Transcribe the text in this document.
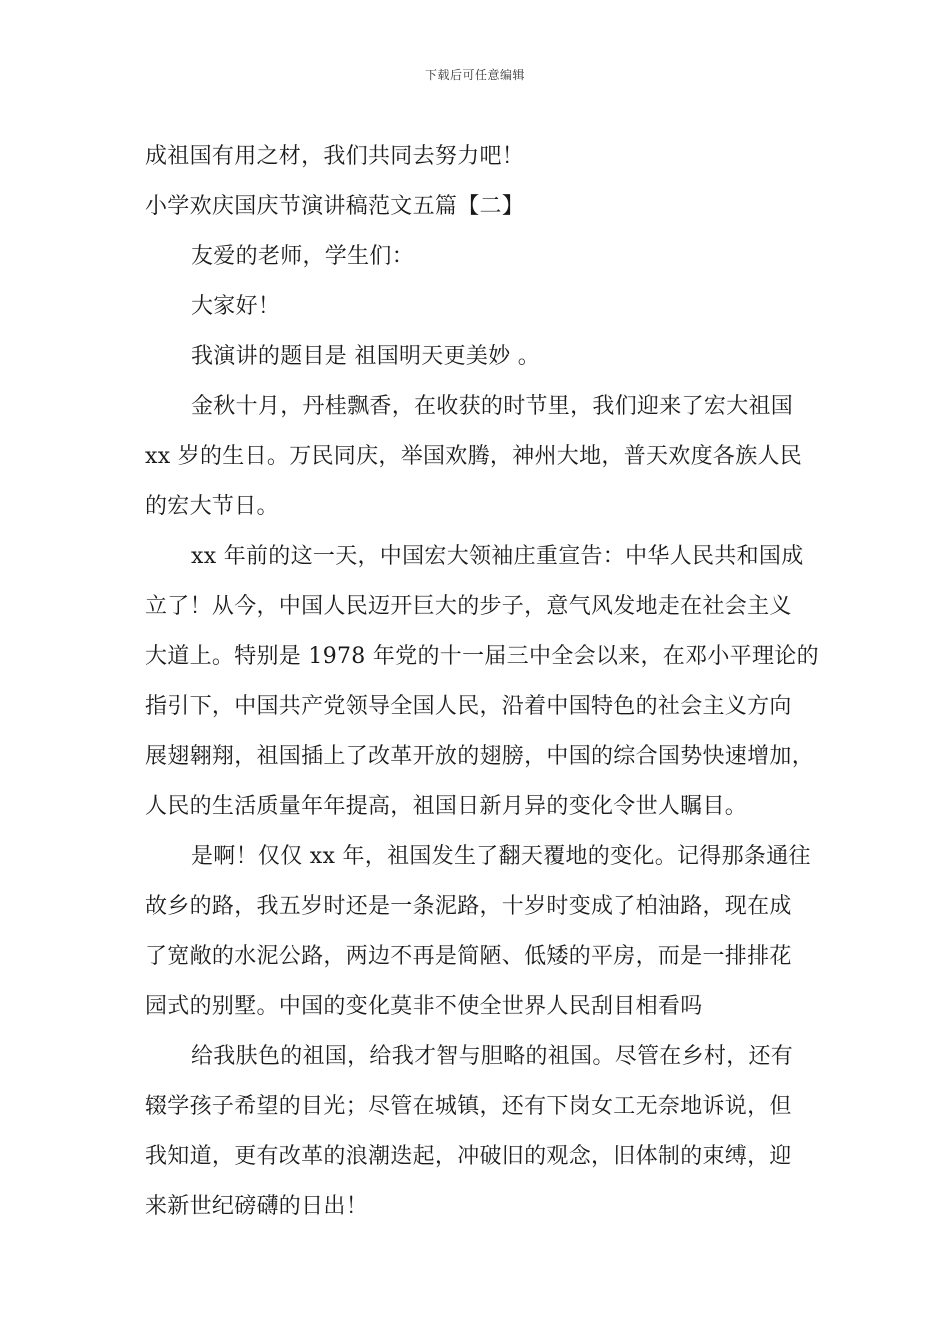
下载后可任意编辑
成祖国有用之材，我们共同去努力吧！
小学欢庆国庆节演讲稿范文五篇【二】
友爱的老师，学生们：
大家好！
我演讲的题目是 祖国明天更美妙 。
金秋十月，丹桂飘香，在收获的时节里，我们迎来了宏大祖国
xx 岁的生日。万民同庆，举国欢腾，神州大地，普天欢度各族人民
的宏大节日。
xx 年前的这一天，中国宏大领袖庄重宣告：中华人民共和国成
立了！从今，中国人民迈开巨大的步子，意气风发地走在社会主义
大道上。特别是 1978 年党的十一届三中全会以来，在邓小平理论的
指引下，中国共产党领导全国人民，沿着中国特色的社会主义方向
展翅翱翔，祖国插上了改革开放的翅膀，中国的综合国势快速增加，
人民的生活质量年年提高，祖国日新月异的变化令世人瞩目。
是啊！仅仅 xx 年，祖国发生了翻天覆地的变化。记得那条通往
故乡的路，我五岁时还是一条泥路，十岁时变成了柏油路，现在成
了宽敞的水泥公路，两边不再是简陋、低矮的平房，而是一排排花
园式的别墅。中国的变化莫非不使全世界人民刮目相看吗
给我肤色的祖国，给我才智与胆略的祖国。尽管在乡村，还有
辍学孩子希望的目光；尽管在城镇，还有下岗女工无奈地诉说，但
我知道，更有改革的浪潮迭起，冲破旧的观念，旧体制的束缚，迎
来新世纪磅礴的日出！
